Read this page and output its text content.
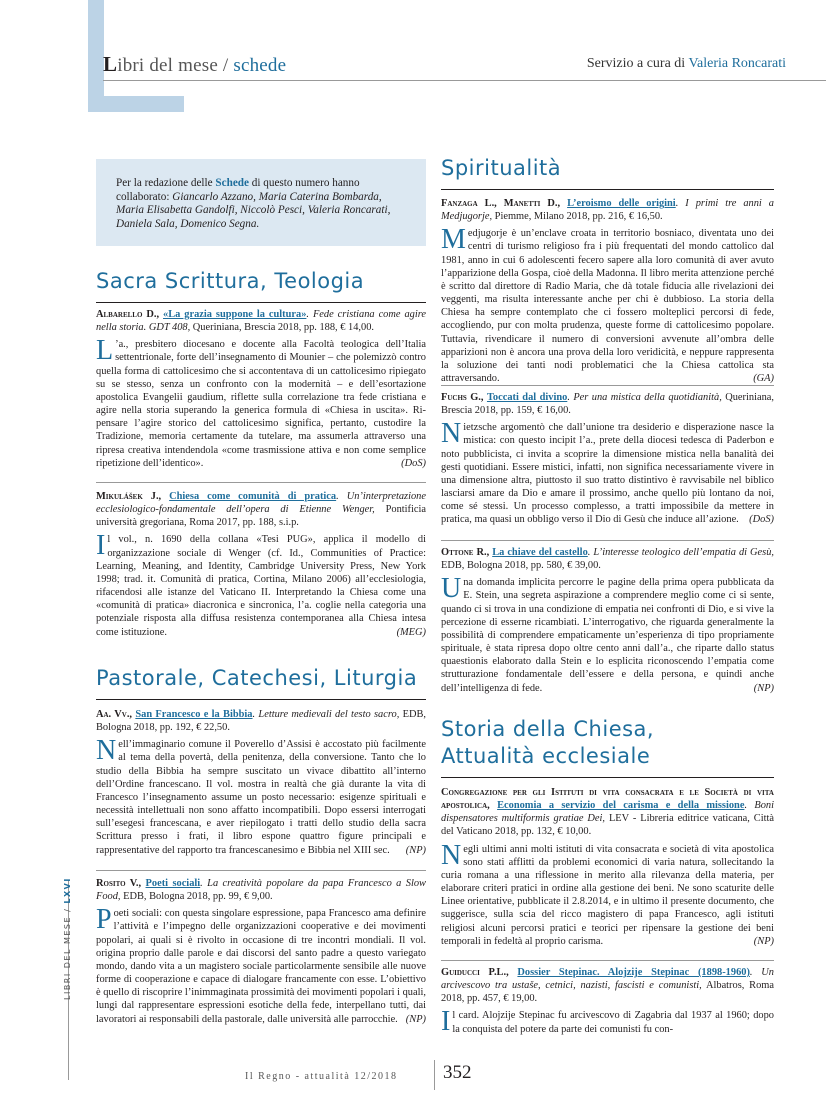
Libri del mese / schede	Servizio a cura di Valeria Roncarati
Per la redazione delle Schede di questo numero hanno collaborato: Giancarlo Azzano, Maria Caterina Bombarda, Maria Elisabetta Gandolfi, Niccolò Pesci, Valeria Roncarati, Daniela Sala, Domenico Segna.
Sacra Scrittura, Teologia

Albarello D., «La grazia suppone la cultura». Fede cristiana come agire nella storia. GDT 408, Queriniana, Brescia 2018, pp. 188, € 14,00.

L ’a., presbitero diocesano e docente alla Facoltà teologica dell’Italia settentrionale, forte dell’insegnamento di Mounier – che polemizzò contro quella forma di cattolicesimo che si accontentava di un cattolicesimo ripiegato su se stesso, senza un confronto con la modernità – e dell’esortazione apostolica Evangelii gaudium, riflette sulla correlazione tra fede cristiana e agire nella storia superando la generica formula di «Chiesa in uscita». Ri-pensare l’agire storico del cattolicesimo significa, pertanto, custodire la Tradizione, memoria certamente da tutelare, ma assumerla attraverso una ripresa creativa intendendola «come trasmissione attiva e non come semplice ripetizione dell’identico».	(DoS)

Mikulášek J., Chiesa come comunità di pratica. Un’interpretazione ecclesiologico-fondamentale dell’opera di Etienne Wenger, Pontificia università gregoriana, Roma 2017, pp. 188, s.i.p.

Il vol., n. 1690 della collana «Tesi PUG», applica il modello di organizzazione sociale di Wenger (cf. Id., Communities of Practice: Learning, Meaning, and Identity, Cambridge University Press, New York 1998; trad. it. Comunità di pratica, Cortina, Milano 2006) all’ecclesiologia, rifacendosi alle istanze del Vaticano II. Interpretando la Chiesa come una «comunità di pratica» diacronica e sincronica, l’a. coglie nella categoria una potenziale risposta alla diffusa resistenza contemporanea alla Chiesa intesa come istituzione.	(MEG)

Pastorale, Catechesi, Liturgia

Aa. Vv., San Francesco e la Bibbia. Letture medievali del testo sacro, EDB, Bologna 2018, pp. 192, € 22,50.

Nell’immaginario comune il Poverello d’Assisi è accostato più facilmente al tema della povertà, della penitenza, della conversione. Tanto che lo studio della Bibbia ha sempre suscitato un vivace dibattito all’interno dell’Ordine francescano. Il vol. mostra in realtà che già durante la vita di Francesco l’insegnamento assume un posto necessario: esigenze spirituali e necessità intellettuali non sono affatto incompatibili. Dopo essersi interrogati sull’esegesi francescana, e aver riepilogato i tratti dello studio della sacra Scrittura presso i frati, il libro espone quattro figure principali e rappresentative del rapporto tra francescanesimo e Bibbia nel XIII sec. (NP)

Rosito V., Poeti sociali. La creatività popolare da papa Francesco a Slow Food, EDB, Bologna 2018, pp. 99, € 9,00.

Poeti sociali: con questa singolare espressione, papa Francesco ama definire l’attività e l’impegno delle organizzazioni cooperative e dei movimenti popolari, ai quali si è rivolto in occasione di tre incontri mondiali. Il vol. origina proprio dalle parole e dai discorsi del santo padre a questo variegato mondo, dando vita a un magistero sociale particolarmente sensibile alle nuove forme di cooperazione e capace di dialogare francamente con esse. L’obiettivo è quello di riscoprire l’inimmaginata prossimità dei movimenti popolari i quali, lungi dal rappresentare espressioni esotiche della fede, interpellano tutti, dai lavoratori ai responsabili della pastorale, dalle università alle parrocchie. (NP)

Spiritualità

Fanzaga L., Manetti D., L’eroismo delle origini. I primi tre anni a Medjugorje, Piemme, Milano 2018, pp. 216, € 16,50.

Medjugorje è un’enclave croata in territorio bosniaco, diventata uno dei centri di turismo religioso fra i più frequentati del mondo cattolico dal 1981, anno in cui 6 adolescenti fecero sapere alla loro comunità di aver avuto l’apparizione della Gospa, cioè della Madonna. Il libro merita attenzione perché è scritto dal direttore di Radio Maria, che dà totale fiducia alle rivelazioni dei veggenti, ma risulta interessante anche per chi è dubbioso. La storia della Chiesa ha sempre contemplato che ci fossero molteplici percorsi di fede, accogliendo, pur con molta prudenza, queste forme di cattolicesimo popolare. Tuttavia, rivendicare il numero di conversioni avvenute all’ombra delle apparizioni non è ancora una prova della loro veridicità, e neppure rappresenta la soluzione dei tanti nodi problematici che la Chiesa cattolica sta attraversando.	(GA)

Fuchs G., Toccati dal divino. Per una mistica della quotidianità, Queriniana, Brescia 2018, pp. 159, € 16,00.

Nietzsche argomentò che dall’unione tra desiderio e disperazione nasce la mistica: con questo incipit l’a., prete della diocesi tedesca di Paderbon e noto pubblicista, ci invita a scoprire la dimensione mistica nella banalità dei gesti quotidiani. Essere mistici, infatti, non significa necessariamente vivere in una dimensione altra, piuttosto il suo tratto distintivo è ravvisabile nel biblico lasciarsi amare da Dio e amare il prossimo, anche quello più lontano da noi, come sé stessi. Un processo complesso, a tratti impossibile da mettere in pratica, ma quasi un obbligo verso il Dio di Gesù che induce all’azione. (DoS)

Ottone R., La chiave del castello. L’interesse teologico dell’empatia di Gesù, EDB, Bologna 2018, pp. 580, € 39,00.

Una domanda implicita percorre le pagine della prima opera pubblicata da E. Stein, una segreta aspirazione a comprendere meglio come ci si sente, quando ci si trova in una condizione di empatia nei confronti di Dio, e si vive la percezione di esserne ricambiati. L’interrogativo, che riguarda generalmente la possibilità di comprendere empaticamente un’esperienza di tipo propriamente spirituale, è stata ripresa dopo oltre cento anni dall’a., che riparte dallo status quaestionis elaborato dalla Stein e lo esplicita riconoscendo l’empatia come strutturazione fondamentale dell’essere e della persona, e quindi anche dell’intelligenza di fede.	(NP)

Storia della Chiesa,
Attualità ecclesiale

Congregazione per gli Istituti di vita consacrata e le Società di vita apostolica, Economia a servizio del carisma e della missione. Boni dispensatores multiformis gratiae Dei, LEV - Libreria editrice vaticana, Città del Vaticano 2018, pp. 132, € 10,00.

Negli ultimi anni molti istituti di vita consacrata e società di vita apostolica sono stati afflitti da problemi economici di varia natura, sollecitando la curia romana a una riflessione in merito alla rilevanza della materia, per elaborare criteri pratici in ordine alla gestione dei beni. Ne sono scaturite delle Linee orientative, pubblicate il 2.8.2014, e in ultimo il presente documento, che suggerisce, sulla scia del ricco magistero di papa Francesco, agli istituti religiosi alcuni percorsi pratici e teorici per ripensare la gestione dei beni temporali in fedeltà al proprio carisma.	(NP)

Guiducci P.L., Dossier Stepinac. Alojzije Stepinac (1898-1960). Un arcivescovo tra ustaše, cetnici, nazisti, fascisti e comunisti, Albatros, Roma 2018, pp. 457, € 19,00.

Il card. Alojzije Stepinac fu arcivescovo di Zagabria dal 1937 al 1960; dopo la conquista del potere da parte dei comunisti fu con-

LIBRI DEL MESE / LXVI
Il Regno - attualità 12/2018 352
